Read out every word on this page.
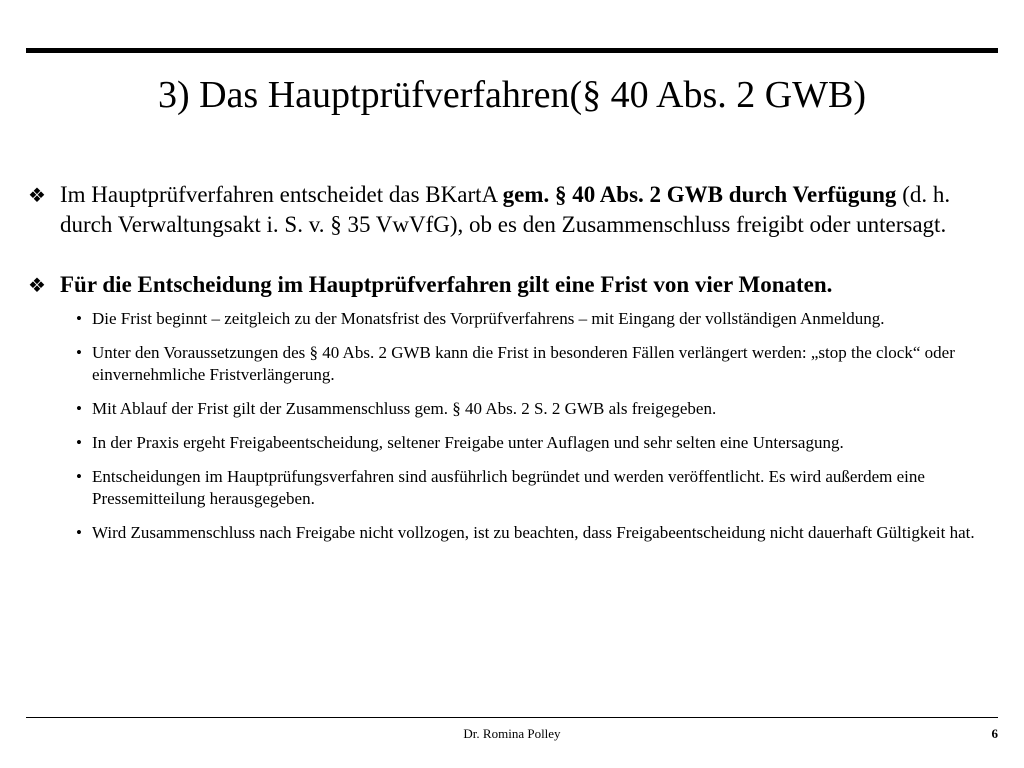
3) Das Hauptprüfverfahren(§ 40 Abs. 2 GWB)
❖ Im Hauptprüfverfahren entscheidet das BKartA gem. § 40 Abs. 2 GWB durch Verfügung (d. h. durch Verwaltungsakt i. S. v. § 35 VwVfG), ob es den Zusammenschluss freigibt oder untersagt.
❖ Für die Entscheidung im Hauptprüfverfahren gilt eine Frist von vier Monaten.
• Die Frist beginnt – zeitgleich zu der Monatsfrist des Vorprüfverfahrens – mit Eingang der vollständigen Anmeldung.
• Unter den Voraussetzungen des § 40 Abs. 2 GWB kann die Frist in besonderen Fällen verlängert werden: „stop the clock“ oder einvernehmliche Fristverlängerung.
• Mit Ablauf der Frist gilt der Zusammenschluss gem. § 40 Abs. 2 S. 2 GWB als freigegeben.
• In der Praxis ergeht Freigabeentscheidung, seltener Freigabe unter Auflagen und sehr selten eine Untersagung.
• Entscheidungen im Hauptprüfungsverfahren sind ausführlich begründet und werden veröffentlicht. Es wird außerdem eine Pressemitteilung herausgegeben.
• Wird Zusammenschluss nach Freigabe nicht vollzogen, ist zu beachten, dass Freigabeentscheidung nicht dauerhaft Gültigkeit hat.
Dr. Romina Polley	6
